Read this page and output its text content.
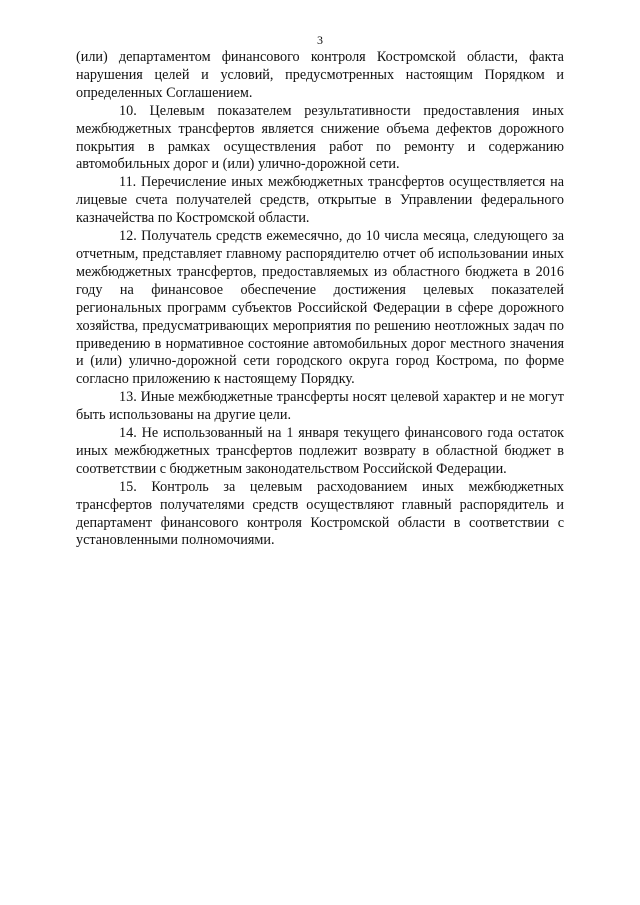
3

(или) департаментом финансового контроля Костромской области, факта нарушения целей и условий, предусмотренных настоящим Порядком и определенных Соглашением.

10. Целевым показателем результативности предоставления иных межбюджетных трансфертов является снижение объема дефектов дорожного покрытия в рамках осуществления работ по ремонту и содержанию автомобильных дорог и (или) улично-дорожной сети.

11. Перечисление иных межбюджетных трансфертов осуществляется на лицевые счета получателей средств, открытые в Управлении федерального казначейства по Костромской области.

12. Получатель средств ежемесячно, до 10 числа месяца, следующего за отчетным, представляет главному распорядителю отчет об использовании иных межбюджетных трансфертов, предоставляемых из областного бюджета в 2016 году на финансовое обеспечение достижения целевых показателей региональных программ субъектов Российской Федерации в сфере дорожного хозяйства, предусматривающих мероприятия по решению неотложных задач по приведению в нормативное состояние автомобильных дорог местного значения и (или) улично-дорожной сети городского округа город Кострома, по форме согласно приложению к настоящему Порядку.

13. Иные межбюджетные трансферты носят целевой характер и не могут быть использованы на другие цели.

14. Не использованный на 1 января текущего финансового года остаток иных межбюджетных трансфертов подлежит возврату в областной бюджет в соответствии с бюджетным законодательством Российской Федерации.

15. Контроль за целевым расходованием иных межбюджетных трансфертов получателями средств осуществляют главный распорядитель и департамент финансового контроля Костромской области в соответствии с установленными полномочиями.
